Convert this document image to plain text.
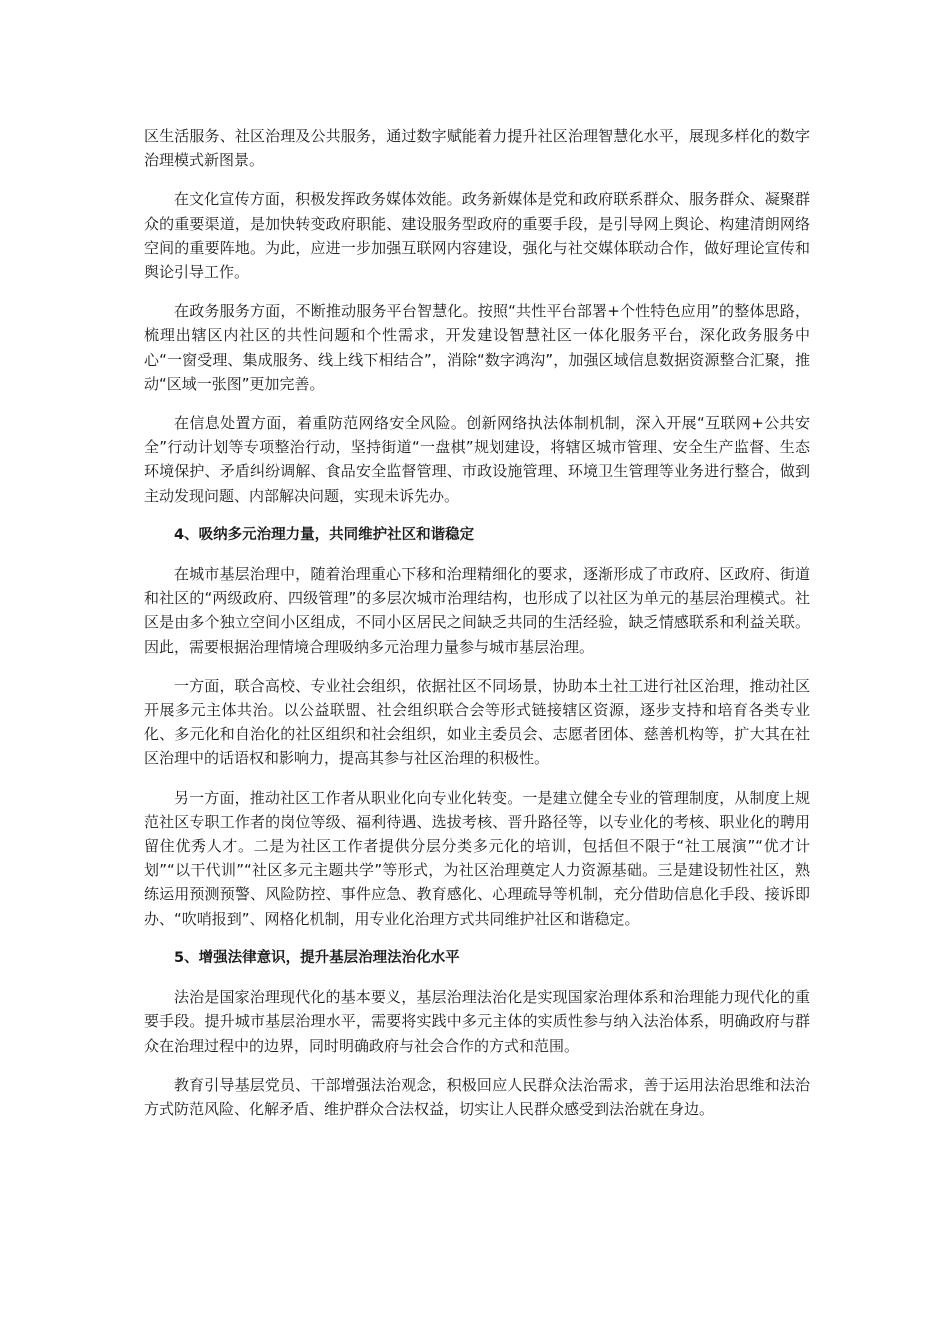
区生活服务、社区治理及公共服务，通过数字赋能着力提升社区治理智慧化水平，展现多样化的数字治理模式新图景。

在文化宣传方面，积极发挥政务媒体效能。政务新媒体是党和政府联系群众、服务群众、凝聚群众的重要渠道，是加快转变政府职能、建设服务型政府的重要手段，是引导网上舆论、构建清朗网络空间的重要阵地。为此，应进一步加强互联网内容建设，强化与社交媒体联动合作，做好理论宣传和舆论引导工作。

在政务服务方面，不断推动服务平台智慧化。按照“共性平台部署+个性特色应用”的整体思路，梳理出辖区内社区的共性问题和个性需求，开发建设智慧社区一体化服务平台，深化政务服务中心“一窗受理、集成服务、线上线下相结合”，消除“数字鸿沟”，加强区域信息数据资源整合汇聚，推动“区域一张图”更加完善。

在信息处置方面，着重防范网络安全风险。创新网络执法体制机制，深入开展“互联网+公共安全”行动计划等专项整治行动，坚持街道“一盘棋”规划建设，将辖区城市管理、安全生产监督、生态环境保护、矛盾纠纷调解、食品安全监督管理、市政设施管理、环境卫生管理等业务进行整合，做到主动发现问题、内部解决问题，实现未诉先办。

4、吸纳多元治理力量，共同维护社区和谐稳定

在城市基层治理中，随着治理重心下移和治理精细化的要求，逐渐形成了市政府、区政府、街道和社区的“两级政府、四级管理”的多层次城市治理结构，也形成了以社区为单元的基层治理模式。社区是由多个独立空间小区组成，不同小区居民之间缺乏共同的生活经验，缺乏情感联系和利益关联。因此，需要根据治理情境合理吸纳多元治理力量参与城市基层治理。

一方面，联合高校、专业社会组织，依据社区不同场景，协助本土社工进行社区治理，推动社区开展多元主体共治。以公益联盟、社会组织联合会等形式链接辖区资源，逐步支持和培育各类专业化、多元化和自治化的社区组织和社会组织，如业主委员会、志愿者团体、慈善机构等，扩大其在社区治理中的话语权和影响力，提高其参与社区治理的积极性。

另一方面，推动社区工作者从职业化向专业化转变。一是建立健全专业的管理制度，从制度上规范社区专职工作者的岗位等级、福利待遇、选拔考核、晋升路径等，以专业化的考核、职业化的聘用留住优秀人才。二是为社区工作者提供分层分类多元化的培训，包括但不限于“社工展演”“优才计划”“以干代训”“社区多元主题共学”等形式，为社区治理奠定人力资源基础。三是建设韧性社区，熟练运用预测预警、风险防控、事件应急、教育感化、心理疏导等机制，充分借助信息化手段、接诉即办、“吹哨报到”、网格化机制，用专业化治理方式共同维护社区和谐稳定。

5、增强法律意识，提升基层治理法治化水平

法治是国家治理现代化的基本要义，基层治理法治化是实现国家治理体系和治理能力现代化的重要手段。提升城市基层治理水平，需要将实践中多元主体的实质性参与纳入法治体系，明确政府与群众在治理过程中的边界，同时明确政府与社会合作的方式和范围。

教育引导基层党员、干部增强法治观念，积极回应人民群众法治需求，善于运用法治思维和法治方式防范风险、化解矛盾、维护群众合法权益，切实让人民群众感受到法治就在身边。
